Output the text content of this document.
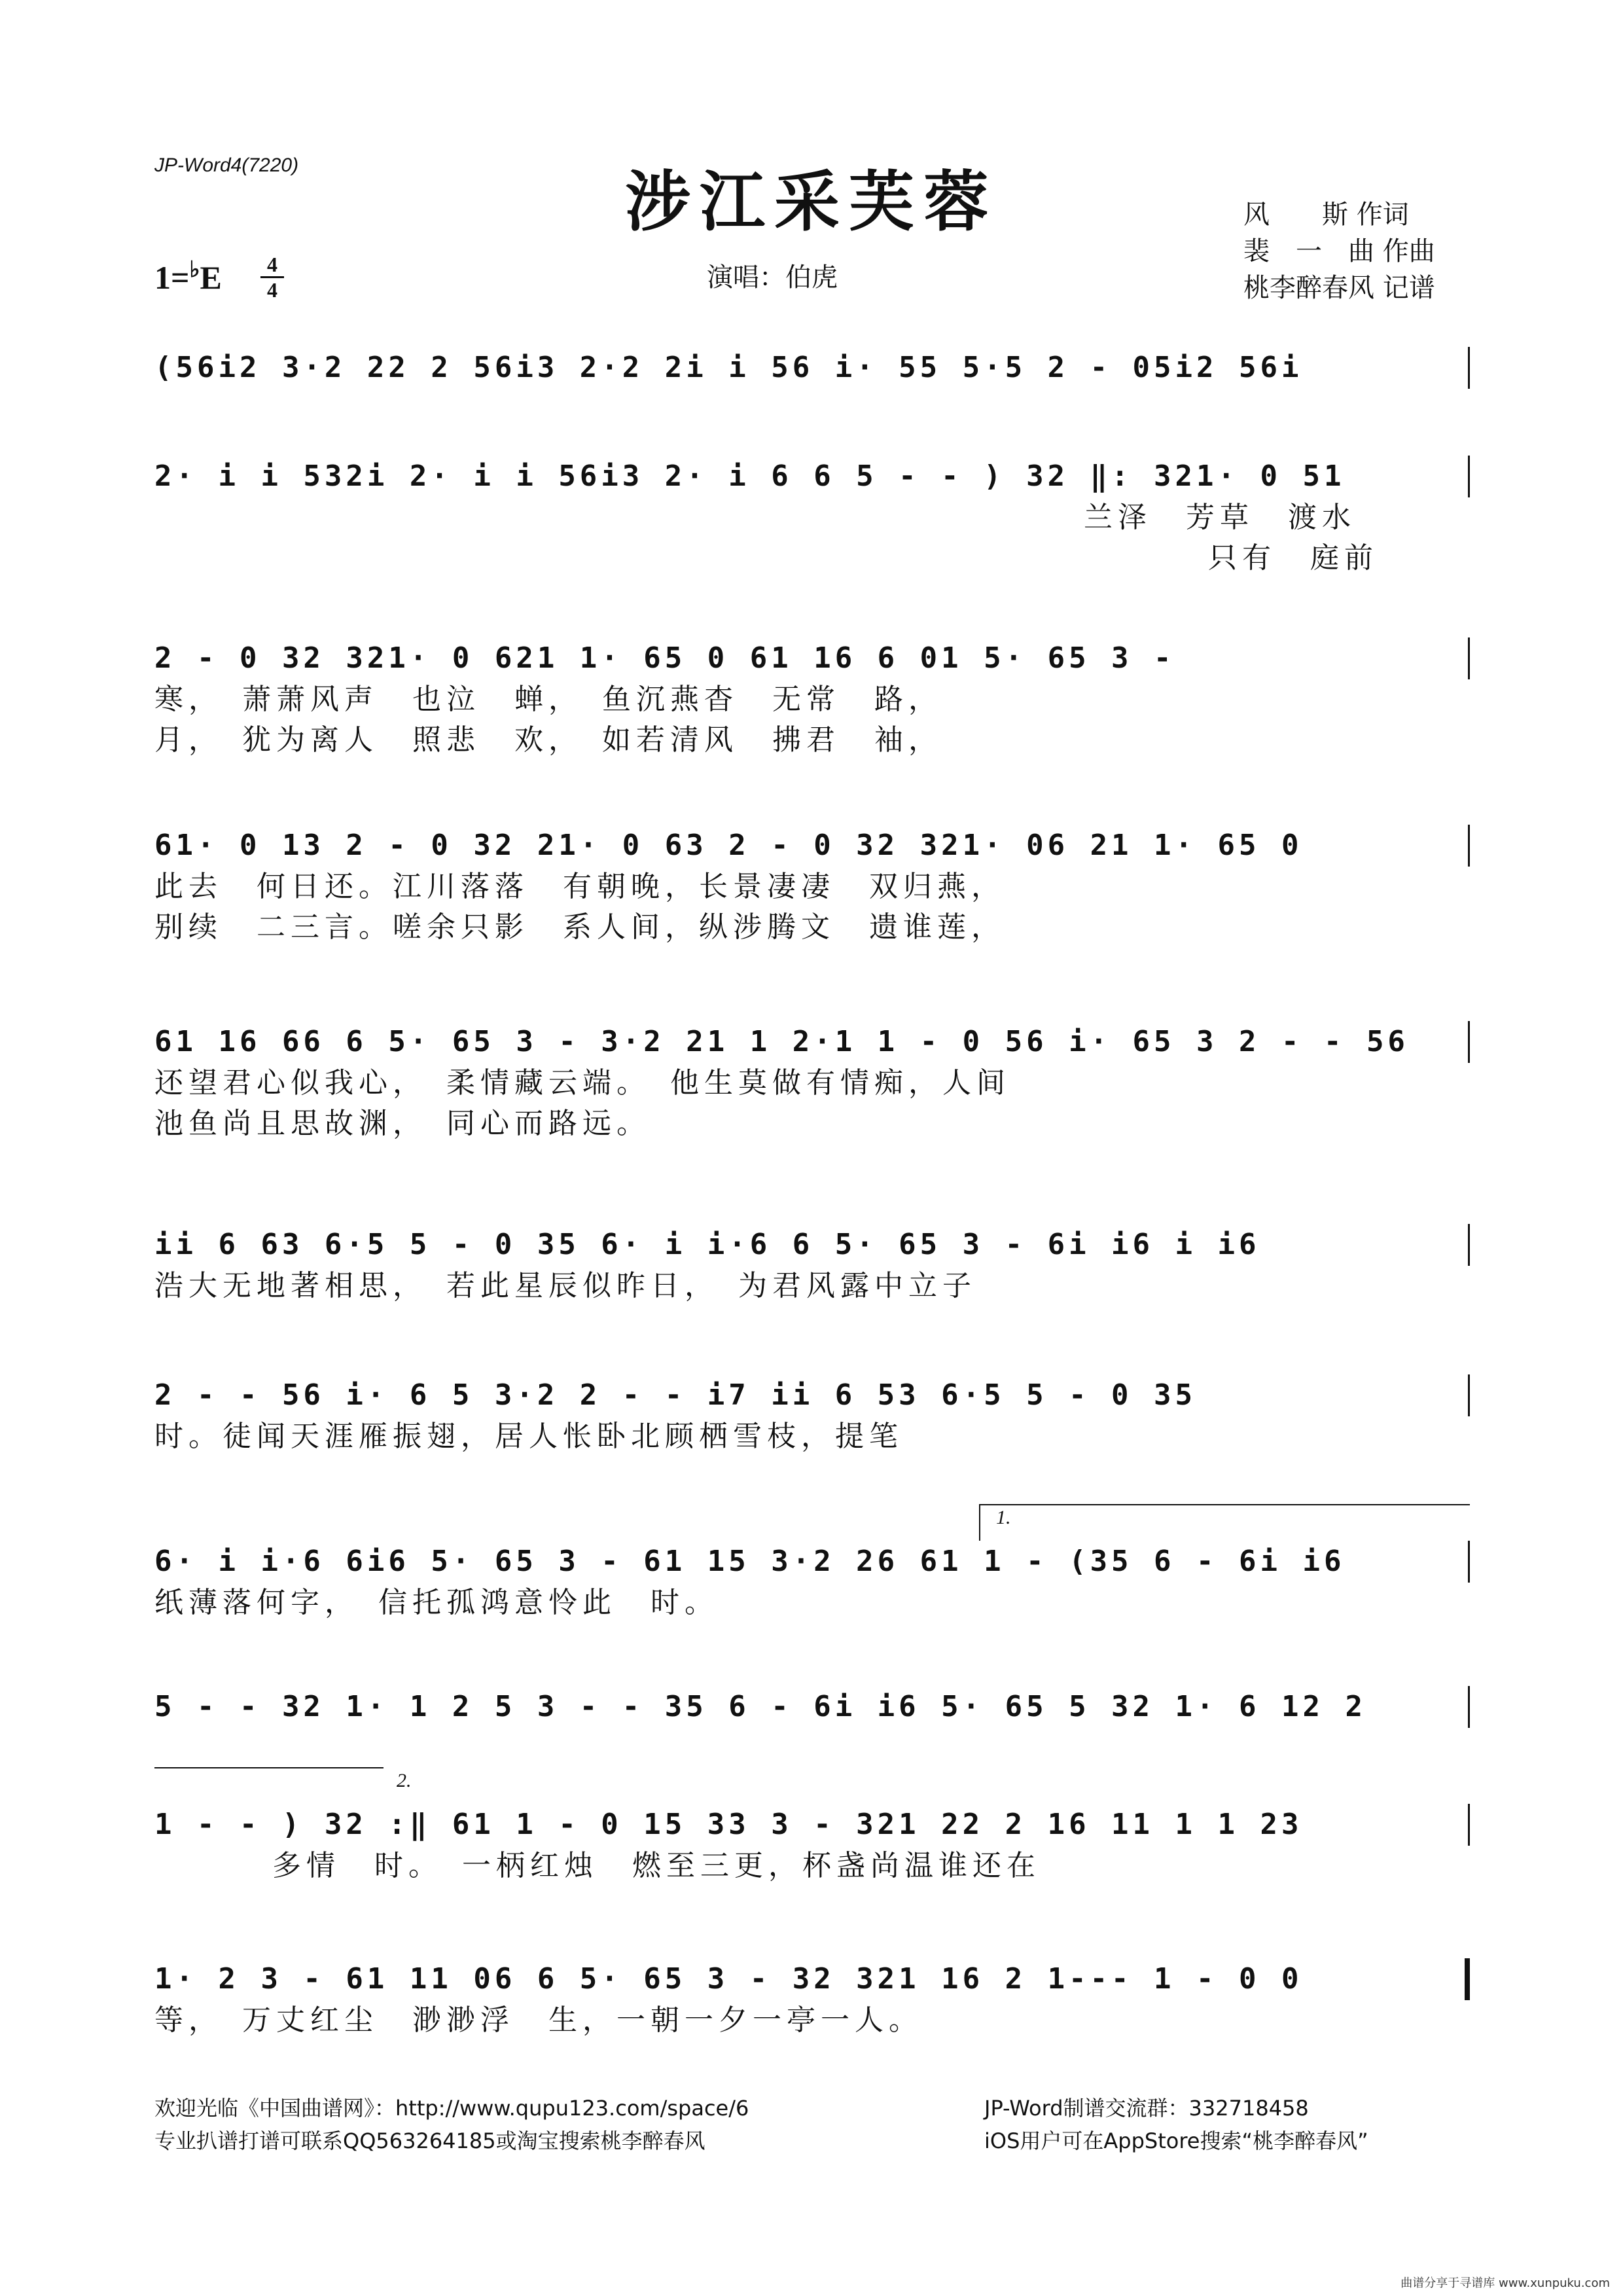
JP-Word4(7220)	涉江采芙蓉
1=♭E	4
4	演唱：伯虎
风　　斯 作词
裴　一　曲 作曲
桃李醉春风 记谱
(56i2 3·2 22 2 56i3 2·2 2i i 56 i· 55 5·5 2 - 05i2 56i
2· i i 532i 2· i i 56i3 2· i 6 6 5 - - ) 32 ‖: 321· 0 51
兰泽　芳草　渡水
只有　庭前
2 - 0 32 321· 0 621 1· 65 0 61 16 6 01 5· 65 3 -
寒，　萧萧风声　也泣　蝉，　鱼沉燕杳　无常　路，
月，　犹为离人　照悲　欢，　如若清风　拂君　袖，
61· 0 13 2 - 0 32 21· 0 63 2 - 0 32 321· 06 21 1· 65 0
此去　何日还。江川落落　有朝晚，长景凄凄　双归燕，
别续　二三言。嗟余只影　系人间，纵涉腾文　遗谁莲，
61 16 66 6 5· 65 3 - 3·2 21 1 2·1 1 - 0 56 i· 65 3 2 - - 56
还望君心似我心，　柔情藏云端。　他生莫做有情痴，人间
池鱼尚且思故渊，　同心而路远。
ii 6 63 6·5 5 - 0 35 6· i i·6 6 5· 65 3 - 6i i6 i i6
浩大无地著相思，　若此星辰似昨日，　为君风露中立子
2 - - 56 i· 6 5 3·2 2 - - i7 ii 6 53 6·5 5 - 0 35
时。徒闻天涯雁振翅，居人怅卧北顾栖雪枝，提笔
1.
6· i i·6 6i6 5· 65 3 - 61 15 3·2 26 61 1 - (35 6 - 6i i6
纸薄落何字，　信托孤鸿意怜此　时。
5 - - 32 1· 1 2 5 3 - - 35 6 - 6i i6 5· 65 5 32 1· 6 12 2
2.
1 - - ) 32 :‖ 61 1 - 0 15 33 3 - 321 22 2 16 11 1 1 23
多情　时。　一柄红烛　燃至三更，杯盏尚温谁还在
1· 2 3 - 61 11 06 6 5· 65 3 - 32 321 16 2 1--- 1 - 0 0
等，　万丈红尘　渺渺浮　生，一朝一夕一亭一人。
欢迎光临《中国曲谱网》：http://www.qupu123.com/space/6
专业扒谱打谱可联系QQ563264185或淘宝搜索桃李醉春风
JP-Word制谱交流群：332718458
iOS用户可在AppStore搜索“桃李醉春风”
曲谱分享于寻谱库 www.xunpuku.com
